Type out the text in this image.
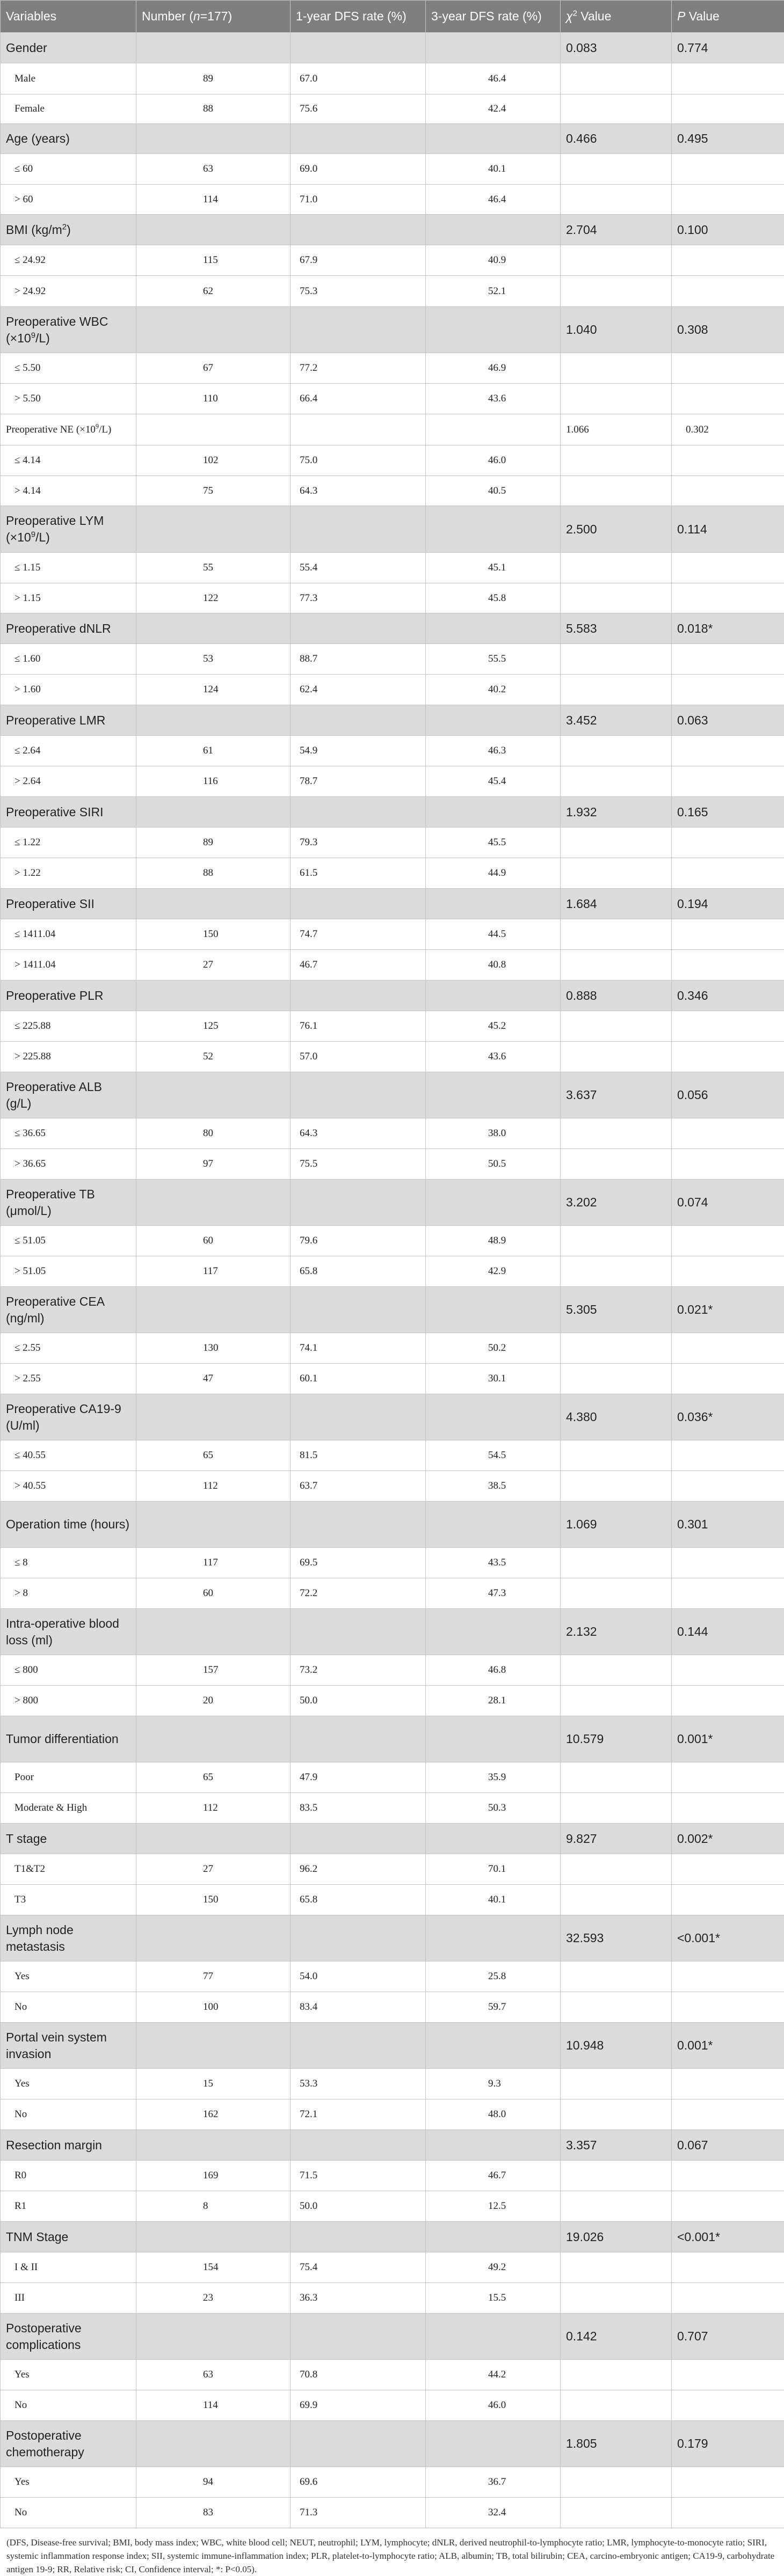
Variables	Number (n=177)	1-year DFS rate (%)	3-year DFS rate (%)	$\chi^2$ Value	P Value
Gender				0.083	0.774
Male	89	67.0	46.4		
Female	88	75.6	42.4		
Age (years)				0.466	0.495
≤ 60	63	69.0	40.1		
> 60	114	71.0	46.4		
BMI $(kg/m^2)$				2.704	0.100
≤ 24.92	115	67.9	40.9		
> 24.92	62	75.3	52.1		
Preoperative WBC $(\times 10^9/L)$				1.040	0.308
≤ 5.50	67	77.2	46.9		
> 5.50	110	66.4	43.6		
Preoperative NE $(\times 10^9/L)$				1.066	0.302
≤ 4.14	102	75.0	46.0		
> 4.14	75	64.3	40.5		
Preoperative LYM $(\times 10^9/L)$				2.500	0.114
≤ 1.15	55	55.4	45.1		
> 1.15	122	77.3	45.8		
Preoperative dNLR				5.583	0.018*
≤ 1.60	53	88.7	55.5		
> 1.60	124	62.4	40.2		
Preoperative LMR				3.452	0.063
≤ 2.64	61	54.9	46.3		
> 2.64	116	78.7	45.4		
Preoperative SIRI				1.932	0.165
≤ 1.22	89	79.3	45.5		
> 1.22	88	61.5	44.9		
Preoperative SII				1.684	0.194
≤ 1411.04	150	74.7	44.5		
> 1411.04	27	46.7	40.8		
Preoperative PLR				0.888	0.346
≤ 225.88	125	76.1	45.2		
> 225.88	52	57.0	43.6		
Preoperative ALB (g/L)				3.637	0.056
≤ 36.65	80	64.3	38.0		
> 36.65	97	75.5	50.5		
Preoperative TB (μmol/L)				3.202	0.074
≤ 51.05	60	79.6	48.9		
> 51.05	117	65.8	42.9		
Preoperative CEA (ng/ml)				5.305	0.021*
≤ 2.55	130	74.1	50.2		
> 2.55	47	60.1	30.1		
Preoperative CA19-9 (U/ml)				4.380	0.036*
≤ 40.55	65	81.5	54.5		
> 40.55	112	63.7	38.5		
Operation time (hours)				1.069	0.301
≤ 8	117	69.5	43.5		
> 8	60	72.2	47.3		
Intra-operative blood loss (ml)				2.132	0.144
≤ 800	157	73.2	46.8		
> 800	20	50.0	28.1		
Tumor differentiation				10.579	0.001*
Poor	65	47.9	35.9		
Moderate & High	112	83.5	50.3		
T stage				9.827	0.002*
T1&T2	27	96.2	70.1		
T3	150	65.8	40.1		
Lymph node metastasis				32.593	<0.001*
Yes	77	54.0	25.8		
No	100	83.4	59.7		
Portal vein system invasion				10.948	0.001*
Yes	15	53.3	9.3		
No	162	72.1	48.0		
Resection margin				3.357	0.067
R0	169	71.5	46.7		
R1	8	50.0	12.5		
TNM Stage				19.026	<0.001*
I & II	154	75.4	49.2		
III	23	36.3	15.5		
Postoperative complications				0.142	0.707
Yes	63	70.8	44.2		
No	114	69.9	46.0		
Postoperative chemotherapy				1.805	0.179
Yes	94	69.6	36.7		
No	83	71.3	32.4		
(DFS, Disease-free survival; BMI, body mass index; WBC, white blood cell; NEUT, neutrophil; LYM, lymphocyte; dNLR, derived neutrophil-to-lymphocyte ratio; LMR, lymphocyte-to-monocyte ratio; SIRI, systemic inflammation response index; SII, systemic immune-inflammation index; PLR, platelet-to-lymphocyte ratio; ALB, albumin; TB, total bilirubin; CEA, carcino-embryonic antigen; CA19-9, carbohydrate antigen 19-9; RR, Relative risk; CI, Confidence interval; *: P<0.05).
